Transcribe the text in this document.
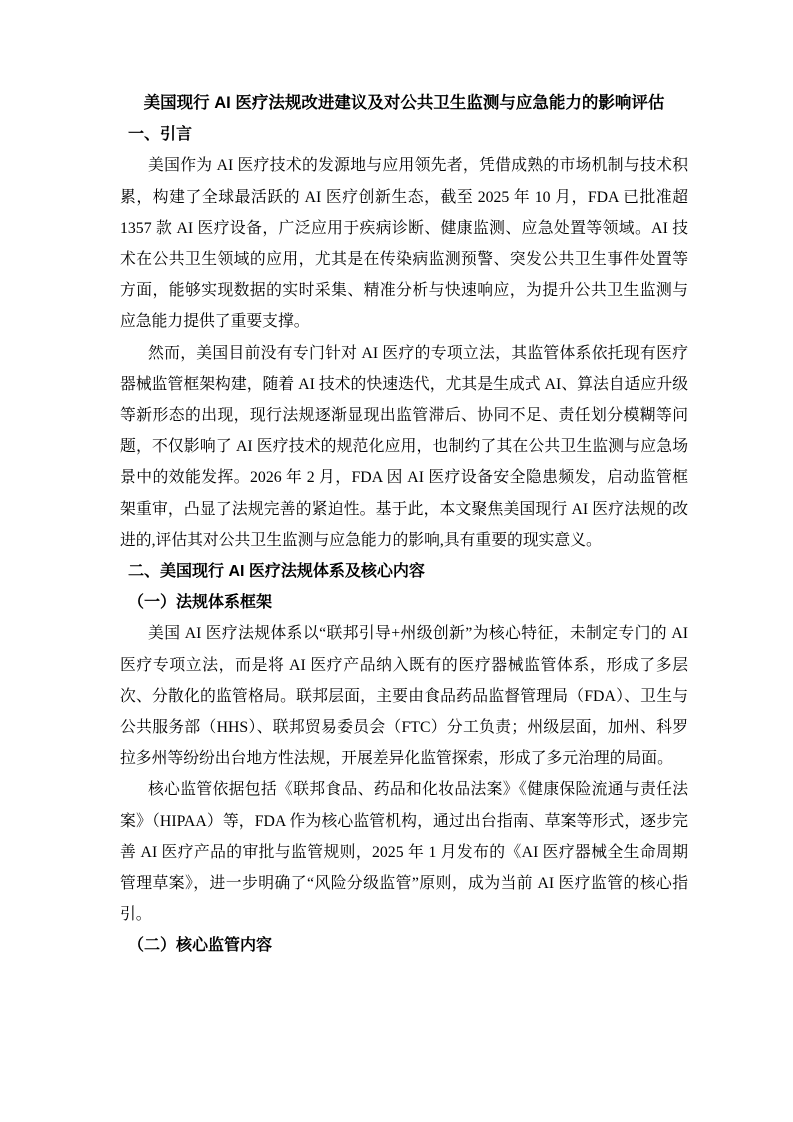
美国现行 AI 医疗法规改进建议及对公共卫生监测与应急能力的影响评估
一、引言

美国作为 AI 医疗技术的发源地与应用领先者，凭借成熟的市场机制与技术积累，构建了全球最活跃的 AI 医疗创新生态，截至 2025 年 10 月，FDA 已批准超 1357 款 AI 医疗设备，广泛应用于疾病诊断、健康监测、应急处置等领域。AI 技术在公共卫生领域的应用，尤其是在传染病监测预警、突发公共卫生事件处置等方面，能够实现数据的实时采集、精准分析与快速响应，为提升公共卫生监测与应急能力提供了重要支撑。

然而，美国目前没有专门针对 AI 医疗的专项立法，其监管体系依托现有医疗器械监管框架构建，随着 AI 技术的快速迭代，尤其是生成式 AI、算法自适应升级等新形态的出现，现行法规逐渐显现出监管滞后、协同不足、责任划分模糊等问题，不仅影响了 AI 医疗技术的规范化应用，也制约了其在公共卫生监测与应急场景中的效能发挥。2026 年 2 月，FDA 因 AI 医疗设备安全隐患频发，启动监管框架重审，凸显了法规完善的紧迫性。基于此，本文聚焦美国现行 AI 医疗法规的改进的,评估其对公共卫生监测与应急能力的影响,具有重要的现实意义。

二、美国现行 AI 医疗法规体系及核心内容
（一）法规体系框架

美国 AI 医疗法规体系以“联邦引导+州级创新”为核心特征，未制定专门的 AI 医疗专项立法，而是将 AI 医疗产品纳入既有的医疗器械监管体系，形成了多层次、分散化的监管格局。联邦层面，主要由食品药品监督管理局（FDA）、卫生与公共服务部（HHS）、联邦贸易委员会（FTC）分工负责；州级层面，加州、科罗拉多州等纷纷出台地方性法规，开展差异化监管探索，形成了多元治理的局面。

核心监管依据包括《联邦食品、药品和化妆品法案》《健康保险流通与责任法案》（HIPAA）等，FDA 作为核心监管机构，通过出台指南、草案等形式，逐步完善 AI 医疗产品的审批与监管规则，2025 年 1 月发布的《AI 医疗器械全生命周期管理草案》，进一步明确了“风险分级监管”原则，成为当前 AI 医疗监管的核心指引。

（二）核心监管内容
